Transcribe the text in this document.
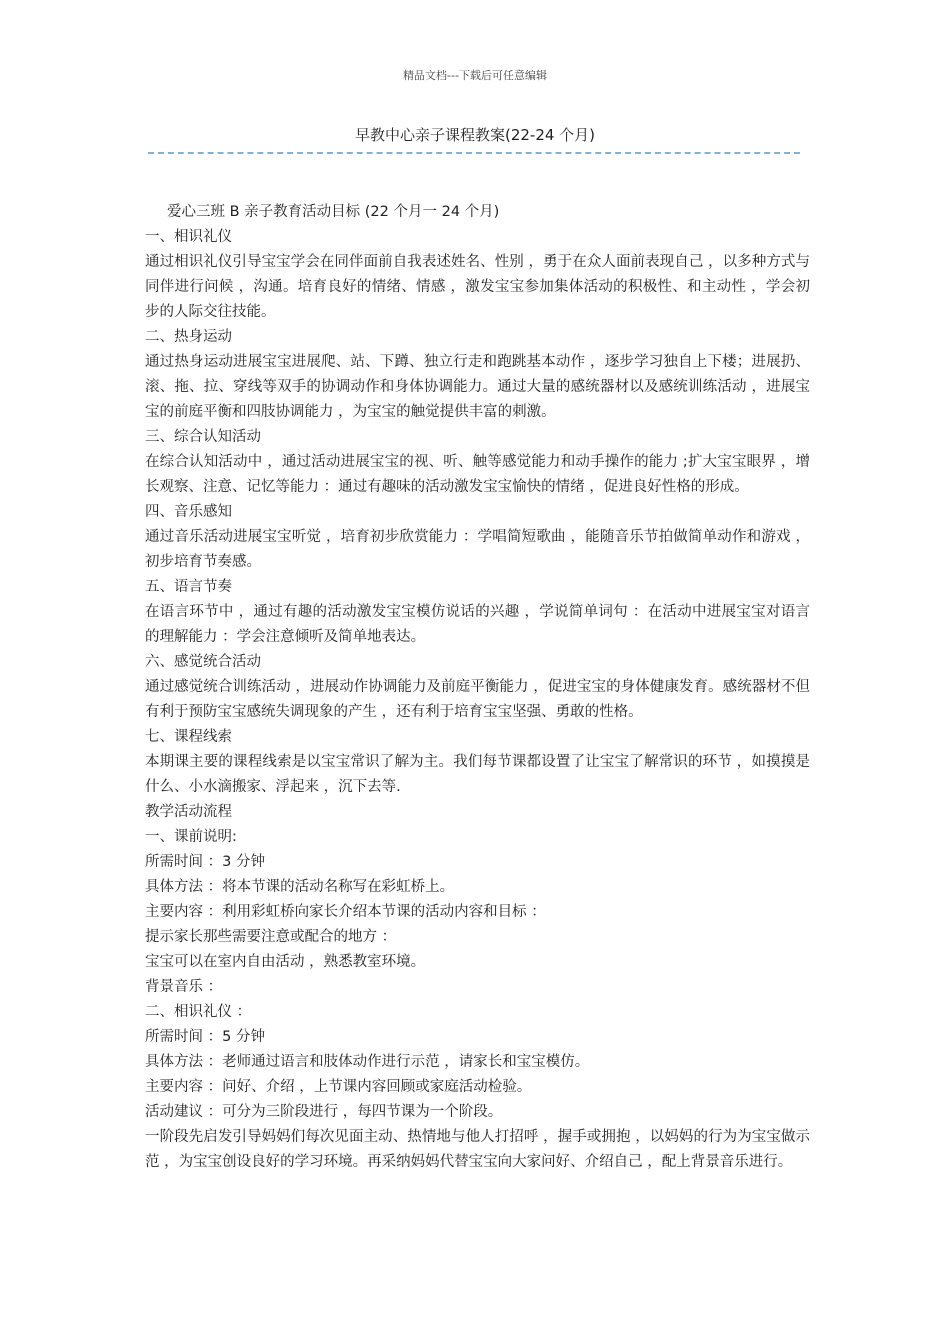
精品文档---下载后可任意编辑
早教中心亲子课程教案(22-24 个月)

爱心三班 B 亲子教育活动目标 (22 个月一 24 个月)

一、相识礼仪

通过相识礼仪引导宝宝学会在同伴面前自我表述姓名、性别 ，勇于在众人面前表现自己 ，以多种方式与同伴进行问候 ，沟通。培育良好的情绪、情感 ，激发宝宝参加集体活动的积极性、和主动性 ，学会初步的人际交往技能。

二、热身运动

通过热身运动进展宝宝进展爬、站、下蹲、独立行走和跑跳基本动作 ，逐步学习独自上下楼；进展扔、滚、拖、拉、穿线等双手的协调动作和身体协调能力。通过大量的感统器材以及感统训练活动 ，进展宝宝的前庭平衡和四肢协调能力 ，为宝宝的触觉提供丰富的刺激。

三、综合认知活动

在综合认知活动中 ，通过活动进展宝宝的视、听、触等感觉能力和动手操作的能力 ;扩大宝宝眼界 ，增长观察、注意、记忆等能力 ：通过有趣味的活动激发宝宝愉快的情绪 ，促进良好性格的形成。

四、音乐感知

通过音乐活动进展宝宝听觉 ，培育初步欣赏能力 ：学唱简短歌曲 ，能随音乐节拍做简单动作和游戏 ，初步培育节奏感。

五、语言节奏

在语言环节中 ，通过有趣的活动激发宝宝模仿说话的兴趣 ，学说简单词句 ：在活动中进展宝宝对语言的理解能力 ：学会注意倾听及简单地表达。

六、感觉统合活动

通过感觉统合训练活动 ，进展动作协调能力及前庭平衡能力 ，促进宝宝的身体健康发育。感统器材不但有利于预防宝宝感统失调现象的产生 ，还有利于培育宝宝坚强、勇敢的性格。

七、课程线索

本期课主要的课程线索是以宝宝常识了解为主。我们每节课都设置了让宝宝了解常识的环节 ，如摸摸是什么、小水滴搬家、浮起来 ，沉下去等.

教学活动流程

一、课前说明:

所需时间 ：3 分钟

具体方法 ：将本节课的活动名称写在彩虹桥上。

主要内容 ：利用彩虹桥向家长介绍本节课的活动内容和目标 ：

提示家长那些需要注意或配合的地方 ：

宝宝可以在室内自由活动 ，熟悉教室环境。

背景音乐 ：

二、相识礼仪 ：

所需时间 ：5 分钟

具体方法 ：老师通过语言和肢体动作进行示范 ，请家长和宝宝模仿。

主要内容 ：问好、介绍 ，上节课内容回顾或家庭活动检验。

活动建议 ：可分为三阶段进行 ，每四节课为一个阶段。

一阶段先启发引导妈妈们每次见面主动、热情地与他人打招呼 ，握手或拥抱 ，以妈妈的行为为宝宝做示范 ，为宝宝创设良好的学习环境。再采纳妈妈代替宝宝向大家问好、介绍自己 ，配上背景音乐进行。
